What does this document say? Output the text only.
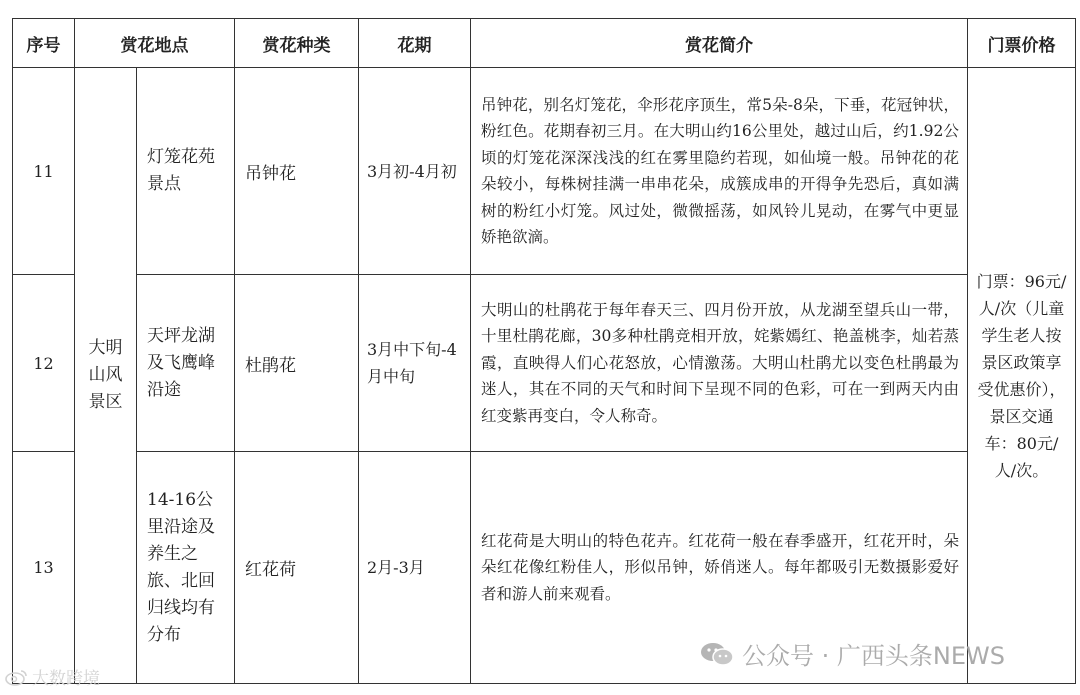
序号	赏花地点		赏花种类	花期	赏花简介	门票价格
11	大明山风景区	灯笼花苑景点	吊钟花	3月初-4月初	吊钟花，别名灯笼花，伞形花序顶生，常5朵-8朵，下垂，花冠钟状，粉红色。花期春初三月。在大明山约16公里处，越过山后，约1.92公顷的灯笼花深深浅浅的红在雾里隐约若现，如仙境一般。吊钟花的花朵较小，每株树挂满一串串花朵，成簇成串的开得争先恐后，真如满树的粉红小灯笼。风过处，微微摇荡，如风铃儿晃动，在雾气中更显娇艳欲滴。	门票：96元/人/次（儿童学生老人按景区政策享受优惠价），景区交通车：80元/人/次。
12		天坪龙湖及飞鹰峰沿途	杜鹃花	3月中下旬-4月中旬	大明山的杜鹃花于每年春天三、四月份开放，从龙湖至望兵山一带，十里杜鹃花廊，30多种杜鹃竞相开放，姹紫嫣红、艳盖桃李，灿若蒸霞，直映得人们心花怒放，心情激荡。大明山杜鹃尤以变色杜鹃最为迷人，其在不同的天气和时间下呈现不同的色彩，可在一到两天内由红变紫再变白，令人称奇。	
13		14-16公里沿途及养生之旅、北回归线均有分布	红花荷	2月-3月	红花荷是大明山的特色花卉。红花荷一般在春季盛开，红花开时，朵朵红花像红粉佳人，形似吊钟，娇俏迷人。每年都吸引无数摄影爱好者和游人前来观看。	
公众号 · 广西头条NEWS
大数跨境
